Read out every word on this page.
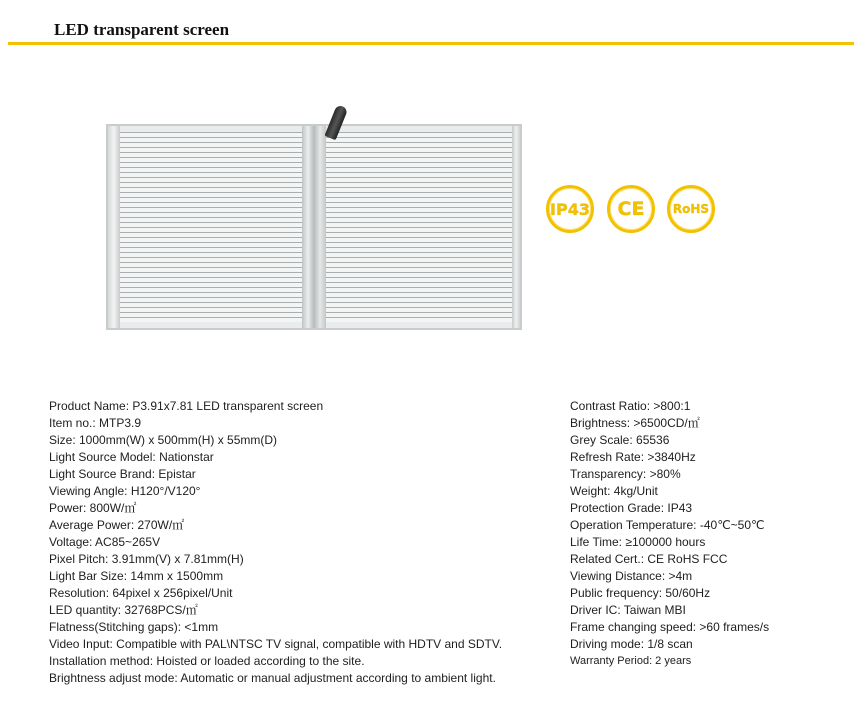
LED transparent screen
IP43 CE RoHS
Product Name: P3.91x7.81 LED transparent screen
Item no.: MTP3.9
Size: 1000mm(W) x 500mm(H) x 55mm(D)
Light Source Model: Nationstar
Light Source Brand: Epistar
Viewing Angle: H120°/V120°
Power: 800W/㎡
Average Power: 270W/㎡
Voltage: AC85~265V
Pixel Pitch: 3.91mm(V) x 7.81mm(H)
Light Bar Size: 14mm x 1500mm
Resolution: 64pixel x 256pixel/Unit
LED quantity: 32768PCS/㎡
Flatness(Stitching gaps): <1mm
Video Input: Compatible with PAL\NTSC TV signal, compatible with HDTV and SDTV.
Installation method: Hoisted or loaded according to the site.
Brightness adjust mode: Automatic or manual adjustment according to ambient light.
Contrast Ratio: >800:1
Brightness: >6500CD/㎡
Grey Scale: 65536
Refresh Rate: >3840Hz
Transparency: >80%
Weight: 4kg/Unit
Protection Grade: IP43
Operation Temperature: -40℃~50℃
Life Time: ≥100000 hours
Related Cert.: CE RoHS FCC
Viewing Distance: >4m
Public frequency: 50/60Hz
Driver IC: Taiwan MBI
Frame changing speed: >60 frames/s
Driving mode: 1/8 scan
Warranty Period: 2 years
